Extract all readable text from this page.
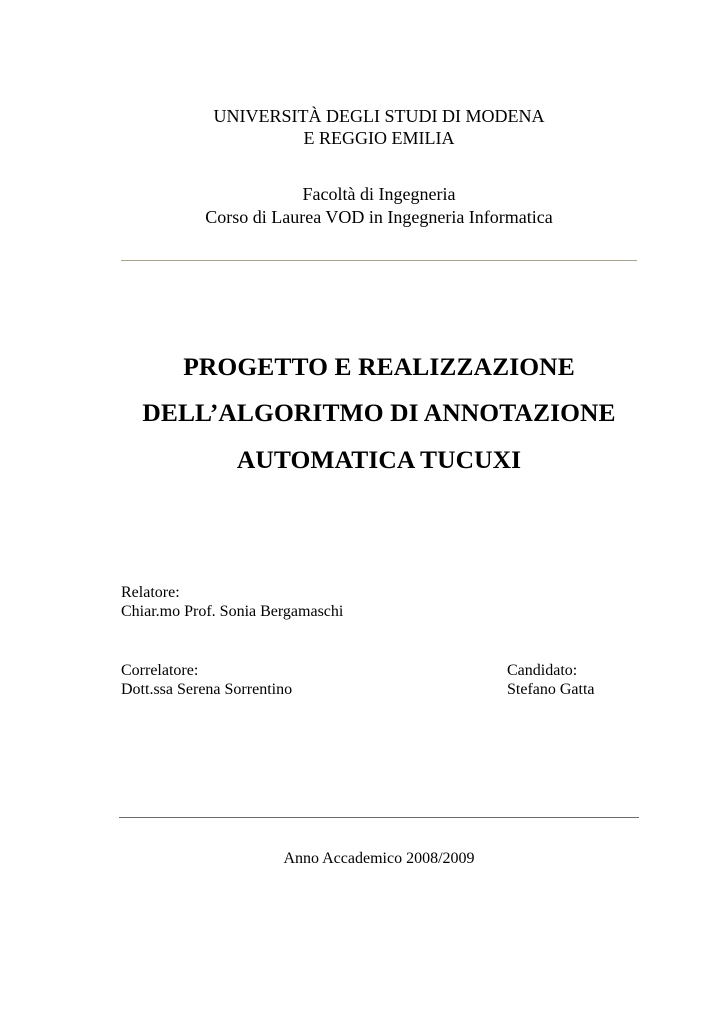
UNIVERSITÀ DEGLI STUDI DI MODENA
E REGGIO EMILIA
Facoltà di Ingegneria
Corso di Laurea VOD in Ingegneria Informatica
PROGETTO E REALIZZAZIONE
DELL’ALGORITMO DI ANNOTAZIONE
AUTOMATICA TUCUXI
Relatore:
Chiar.mo Prof. Sonia Bergamaschi
Correlatore:
Dott.ssa Serena Sorrentino
Candidato:
Stefano Gatta
Anno Accademico 2008/2009
